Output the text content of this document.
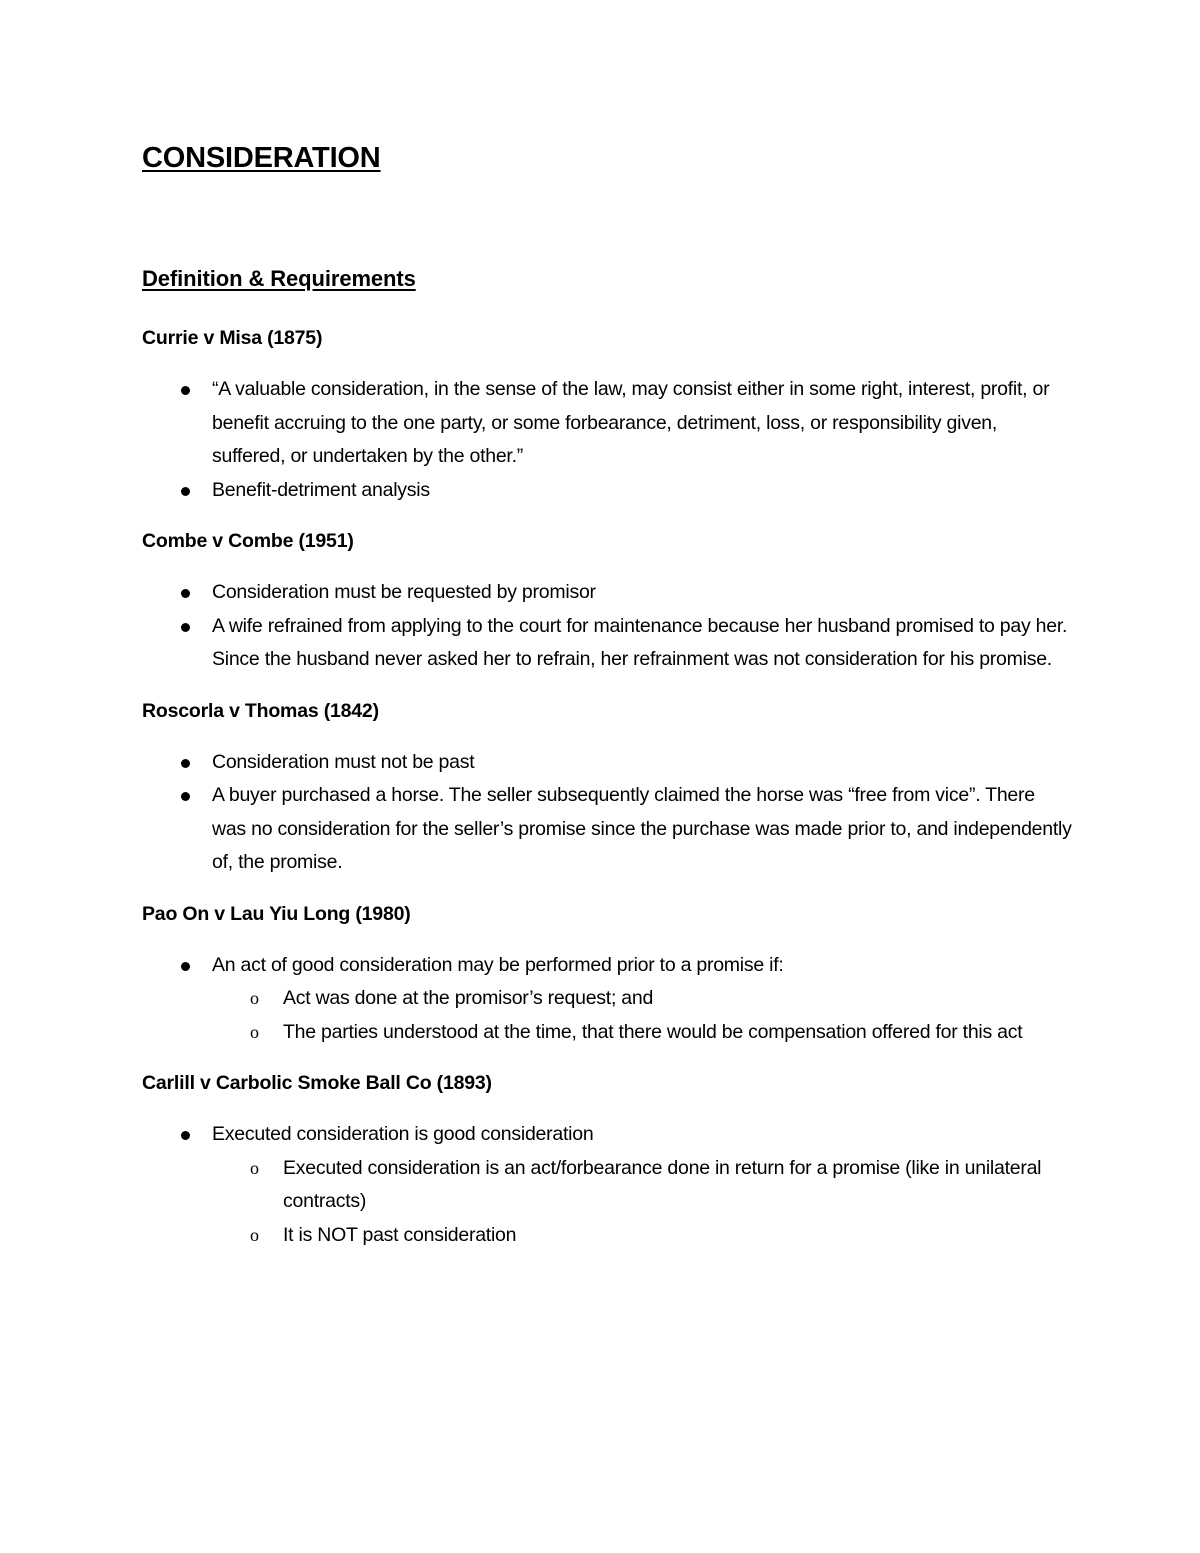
CONSIDERATION
Definition & Requirements
Currie v Misa (1875)
“A valuable consideration, in the sense of the law, may consist either in some right, interest, profit, or benefit accruing to the one party, or some forbearance, detriment, loss, or responsibility given, suffered, or undertaken by the other.”
Benefit-detriment analysis
Combe v Combe (1951)
Consideration must be requested by promisor
A wife refrained from applying to the court for maintenance because her husband promised to pay her. Since the husband never asked her to refrain, her refrainment was not consideration for his promise.
Roscorla v Thomas (1842)
Consideration must not be past
A buyer purchased a horse. The seller subsequently claimed the horse was “free from vice”. There was no consideration for the seller’s promise since the purchase was made prior to, and independently of, the promise.
Pao On v Lau Yiu Long (1980)
An act of good consideration may be performed prior to a promise if:
o Act was done at the promisor’s request; and
o The parties understood at the time, that there would be compensation offered for this act
Carlill v Carbolic Smoke Ball Co (1893)
Executed consideration is good consideration
o Executed consideration is an act/forbearance done in return for a promise (like in unilateral contracts)
o It is NOT past consideration
